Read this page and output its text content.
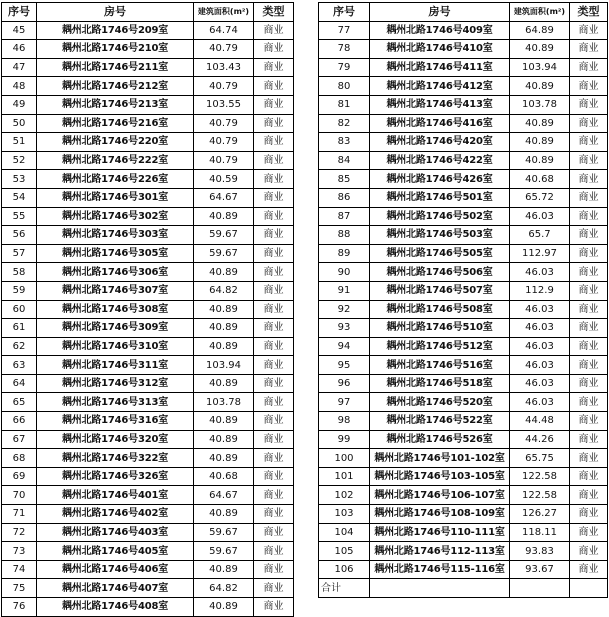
序号	房号	建筑面积(m²)	类型
45	耦州北路1746号209室	64.74	商业
46	耦州北路1746号210室	40.79	商业
47	耦州北路1746号211室	103.43	商业
48	耦州北路1746号212室	40.79	商业
49	耦州北路1746号213室	103.55	商业
50	耦州北路1746号216室	40.79	商业
51	耦州北路1746号220室	40.79	商业
52	耦州北路1746号222室	40.79	商业
53	耦州北路1746号226室	40.59	商业
54	耦州北路1746号301室	64.67	商业
55	耦州北路1746号302室	40.89	商业
56	耦州北路1746号303室	59.67	商业
57	耦州北路1746号305室	59.67	商业
58	耦州北路1746号306室	40.89	商业
59	耦州北路1746号307室	64.82	商业
60	耦州北路1746号308室	40.89	商业
61	耦州北路1746号309室	40.89	商业
62	耦州北路1746号310室	40.89	商业
63	耦州北路1746号311室	103.94	商业
64	耦州北路1746号312室	40.89	商业
65	耦州北路1746号313室	103.78	商业
66	耦州北路1746号316室	40.89	商业
67	耦州北路1746号320室	40.89	商业
68	耦州北路1746号322室	40.89	商业
69	耦州北路1746号326室	40.68	商业
70	耦州北路1746号401室	64.67	商业
71	耦州北路1746号402室	40.89	商业
72	耦州北路1746号403室	59.67	商业
73	耦州北路1746号405室	59.67	商业
74	耦州北路1746号406室	40.89	商业
75	耦州北路1746号407室	64.82	商业
76	耦州北路1746号408室	40.89	商业
序号	房号	建筑面积(m²)	类型
77	耦州北路1746号409室	64.89	商业
78	耦州北路1746号410室	40.89	商业
79	耦州北路1746号411室	103.94	商业
80	耦州北路1746号412室	40.89	商业
81	耦州北路1746号413室	103.78	商业
82	耦州北路1746号416室	40.89	商业
83	耦州北路1746号420室	40.89	商业
84	耦州北路1746号422室	40.89	商业
85	耦州北路1746号426室	40.68	商业
86	耦州北路1746号501室	65.72	商业
87	耦州北路1746号502室	46.03	商业
88	耦州北路1746号503室	65.7	商业
89	耦州北路1746号505室	112.97	商业
90	耦州北路1746号506室	46.03	商业
91	耦州北路1746号507室	112.9	商业
92	耦州北路1746号508室	46.03	商业
93	耦州北路1746号510室	46.03	商业
94	耦州北路1746号512室	46.03	商业
95	耦州北路1746号516室	46.03	商业
96	耦州北路1746号518室	46.03	商业
97	耦州北路1746号520室	46.03	商业
98	耦州北路1746号522室	44.48	商业
99	耦州北路1746号526室	44.26	商业
100	耦州北路1746号101-102室	65.75	商业
101	耦州北路1746号103-105室	122.58	商业
102	耦州北路1746号106-107室	122.58	商业
103	耦州北路1746号108-109室	126.27	商业
104	耦州北路1746号110-111室	118.11	商业
105	耦州北路1746号112-113室	93.83	商业
106	耦州北路1746号115-116室	93.67	商业
合计			
